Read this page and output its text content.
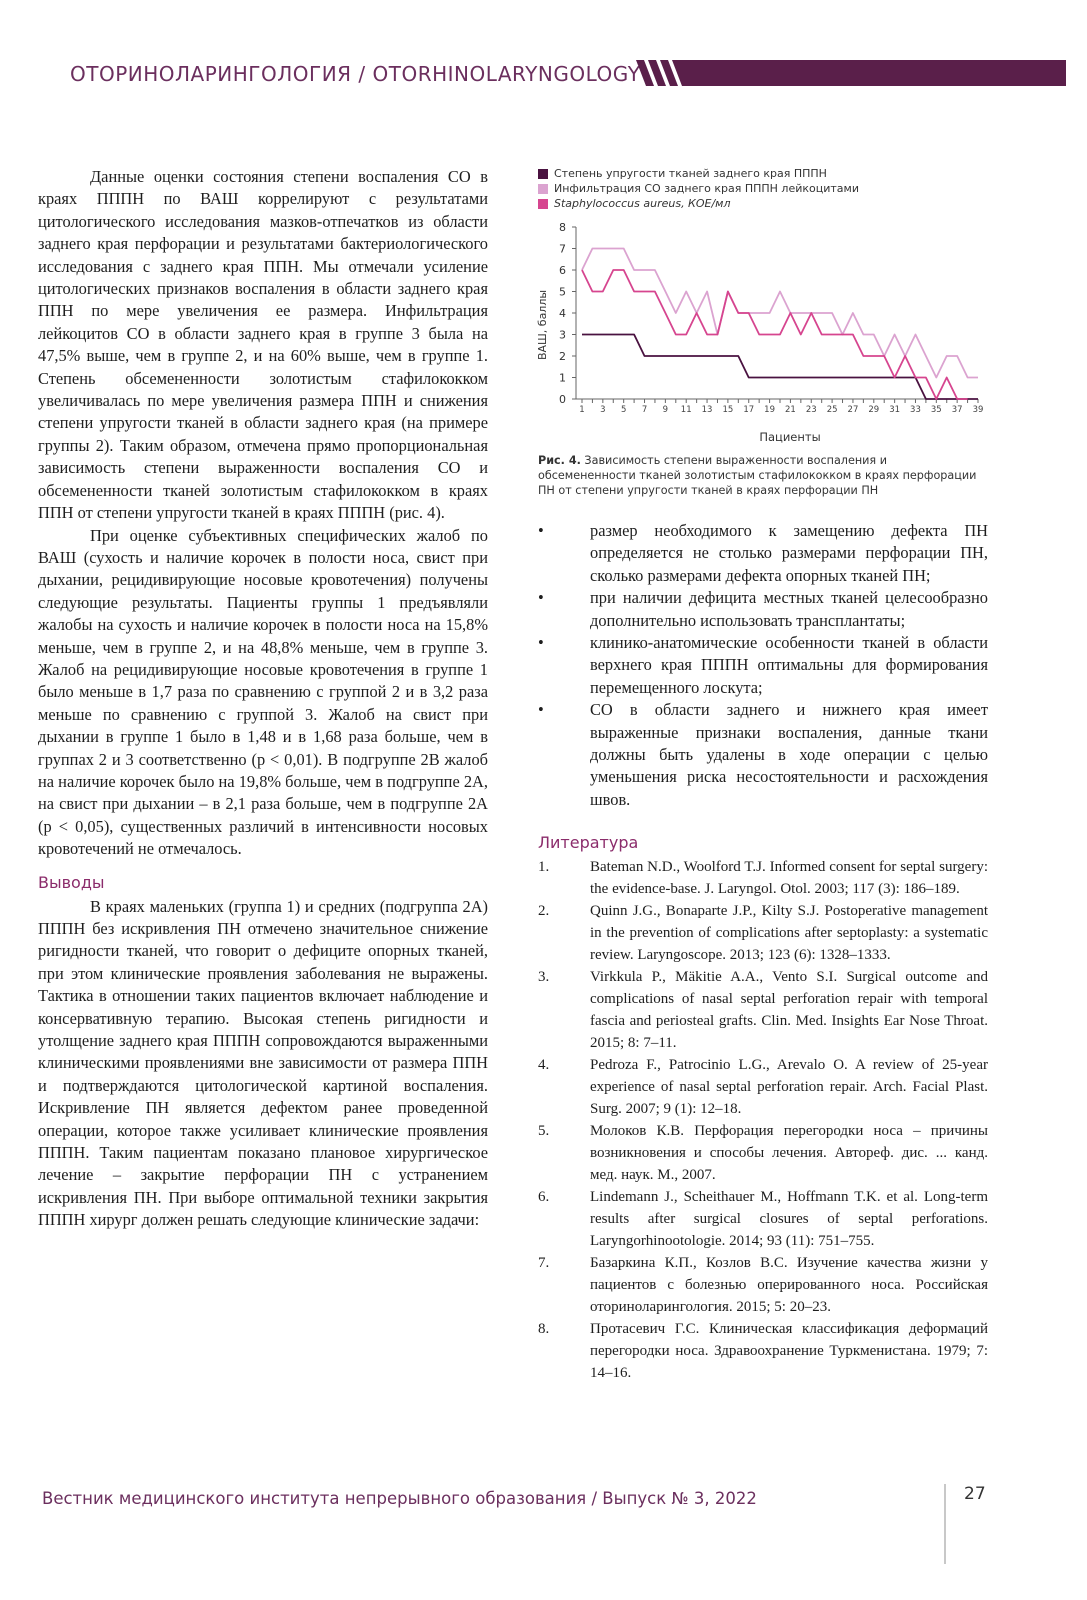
ОТОРИНОЛАРИНГОЛОГИЯ / OTORHINOLARYNGOLOGY

Данные оценки состояния степени воспаления СО в краях ПППН по ВАШ коррелируют с результатами цитологического исследования мазков-отпечатков из области заднего края перфорации и результатами бактериологического исследования с заднего края ППН. Мы отмечали усиление цитологических признаков воспаления в области заднего края ППН по мере увеличения ее размера. Инфильтрация лейкоцитов СО в области заднего края в группе 3 была на 47,5% выше, чем в группе 2, и на 60% выше, чем в группе 1. Степень обсемененности золотистым стафилококком увеличивалась по мере увеличения размера ППН и снижения степени упругости тканей в области заднего края (на примере группы 2). Таким образом, отмечена прямо пропорциональная зависимость степени выраженности воспаления СО и обсемененности тканей золотистым стафилококком в краях ППН от степени упругости тканей в краях ПППН (рис. 4).

При оценке субъективных специфических жалоб по ВАШ (сухость и наличие корочек в полости носа, свист при дыхании, рецидивирующие носовые кровотечения) получены следующие результаты. Пациенты группы 1 предъявляли жалобы на сухость и наличие корочек в полости носа на 15,8% меньше, чем в группе 2, и на 48,8% меньше, чем в группе 3. Жалоб на рецидивирующие носовые кровотечения в группе 1 было меньше в 1,7 раза по сравнению с группой 2 и в 3,2 раза меньше по сравнению с группой 3. Жалоб на свист при дыхании в группе 1 было в 1,48 и в 1,68 раза больше, чем в группах 2 и 3 соответственно (p < 0,01). В подгруппе 2В жалоб на наличие корочек было на 19,8% больше, чем в подгруппе 2А, на свист при дыхании – в 2,1 раза больше, чем в подгруппе 2А (p < 0,05), существенных различий в интенсивности носовых кровотечений не отмечалось.

Выводы

В краях маленьких (группа 1) и средних (подгруппа 2А) ПППН без искривления ПН отмечено значительное снижение ригидности тканей, что говорит о дефиците опорных тканей, при этом клинические проявления заболевания не выражены. Тактика в отношении таких пациентов включает наблюдение и консервативную терапию. Высокая степень ригидности и утолщение заднего края ПППН сопровождаются выраженными клиническими проявлениями вне зависимости от размера ППН и подтверждаются цитологической картиной воспаления. Искривление ПН является дефектом ранее проведенной операции, которое также усиливает клинические проявления ПППН. Таким пациентам показано плановое хирургическое лечение – закрытие перфорации ПН с устранением искривления ПН. При выборе оптимальной техники закрытия ПППН хирург должен решать следующие клинические задачи:

Степень упругости тканей заднего края ПППН
Инфильтрация СО заднего края ПППН лейкоцитами
Staphylococcus aureus, КОЕ/мл
0
1
2
3
4
5
6
7
8
1 3 5 7 9 11 13 15 17 19 21 23 25 27 29 31 33 35 37 39
ВАШ, баллы
Пациенты
Рис. 4. Зависимость степени выраженности воспаления и обсемененности тканей золотистым стафилококком в краях перфорации ПН от степени упругости тканей в краях перфорации ПН
•	размер необходимого к замещению дефекта ПН определяется не столько размерами перфорации ПН, сколько размерами дефекта опорных тканей ПН;
•	при наличии дефицита местных тканей целесообразно дополнительно использовать трансплантаты;
•	клинико-анатомические особенности тканей в области верхнего края ПППН оптимальны для формирования перемещенного лоскута;
•	СО в области заднего и нижнего края имеет выраженные признаки воспаления, данные ткани должны быть удалены в ходе операции с целью уменьшения риска несостоятельности и расхождения швов.
Литература
1.	Bateman N.D., Woolford T.J. Informed consent for septal surgery: the evidence-base. J. Laryngol. Otol. 2003; 117 (3): 186–189.
2.	Quinn J.G., Bonaparte J.P., Kilty S.J. Postoperative management in the prevention of complications after septoplasty: a systematic review. Laryngoscope. 2013; 123 (6): 1328–1333.
3.	Virkkula P., Mäkitie A.A., Vento S.I. Surgical outcome and complications of nasal septal perforation repair with temporal fascia and periosteal grafts. Clin. Med. Insights Ear Nose Throat. 2015; 8: 7–11.
4.	Pedroza F., Patrocinio L.G., Arevalo O. A review of 25-year experience of nasal septal perforation repair. Arch. Facial Plast. Surg. 2007; 9 (1): 12–18.
5.	Молоков К.В. Перфорация перегородки носа – причины возникновения и способы лечения. Автореф. дис. ... канд. мед. наук. М., 2007.
6.	Lindemann J., Scheithauer M., Hoffmann T.K. et al. Long-term results after surgical closures of septal perforations. Laryngorhinootologie. 2014; 93 (11): 751–755.
7.	Базаркина К.П., Козлов В.С. Изучение качества жизни у пациентов с болезнью оперированного носа. Российская оториноларингология. 2015; 5: 20–23.
8.	Протасевич Г.С. Клиническая классификация деформаций перегородки носа. Здравоохранение Туркменистана. 1979; 7: 14–16.
Вестник медицинского института непрерывного образования / Выпуск № 3, 2022	27
